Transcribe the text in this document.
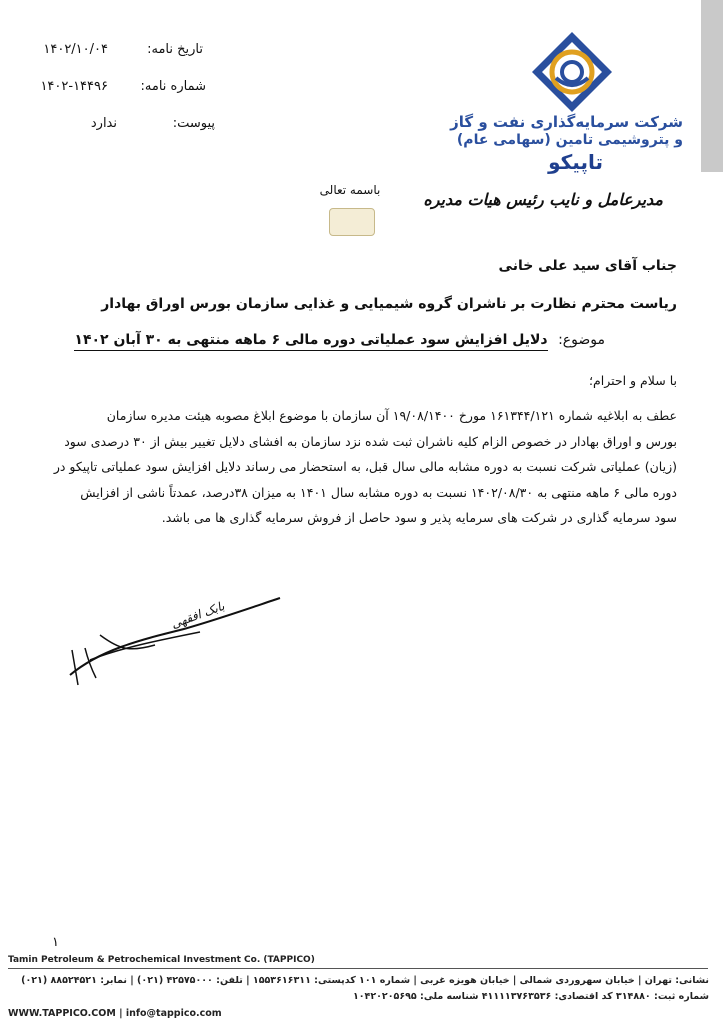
تاریخ نامه:
۱۴۰۲/۱۰/۰۴
شماره نامه:
۱۴۰۲-۱۴۴۹۶
پیوست:
ندارد	شرکت سرمایه‌گذاری نفت و گاز
و پتروشیمی تامین (سهامی عام)
تاپیکو
مدیرعامل و نایب رئیس هیات مدیره
باسمه تعالی
جناب آقای سید علی خانی
ریاست محترم نظارت بر ناشران گروه شیمیایی و غذایی سازمان بورس اوراق بهادار
موضوع: دلایل افزایش سود عملیاتی دوره مالی ۶ ماهه منتهی به ۳۰ آبان ۱۴۰۲
با سلام و احترام؛
عطف به ابلاغیه شماره ۱۶۱۳۴۴/۱۲۱ مورخ ۱۹/۰۸/۱۴۰۰ آن سازمان با موضوع ابلاغ مصوبه هیئت مدیره سازمان
بورس و اوراق بهادار در خصوص الزام کلیه ناشران ثبت شده نزد سازمان به افشای دلایل تغییر بیش از ۳۰ درصدی سود
(زیان) عملیاتی شرکت نسبت به دوره مشابه مالی سال قبل، به استحضار می رساند دلایل افزایش سود عملیاتی تاپیکو در
دوره مالی ۶ ماهه منتهی به ۱۴۰۲/۰۸/۳۰ نسبت به دوره مشابه سال ۱۴۰۱ به میزان ۳۸درصد، عمدتاً ناشی از افزایش
سود سرمایه گذاری در شرکت های سرمایه پذیر و سود حاصل از فروش سرمایه گذاری ها می باشد.
بابک افقهی
۱
Tamin Petroleum & Petrochemical Investment Co. (TAPPICO)
نشانی: تهران | خیابان سهروردی شمالی | خیابان هویزه غربی | شماره ۱۰۱ کدپستی: ۱۵۵۳۶۱۶۳۱۱ | تلفن: ۴۲۵۷۵۰۰۰ (۰۲۱) | نمابر: ۸۸۵۲۴۵۲۱ (۰۲۱)
شماره ثبت: ۳۱۴۸۸۰ کد اقتصادی: ۴۱۱۱۱۳۷۶۳۵۳۶ شناسه ملی: ۱۰۴۲۰۲۰۵۶۹۵
WWW.TAPPICO.COM | info@tappico.com
